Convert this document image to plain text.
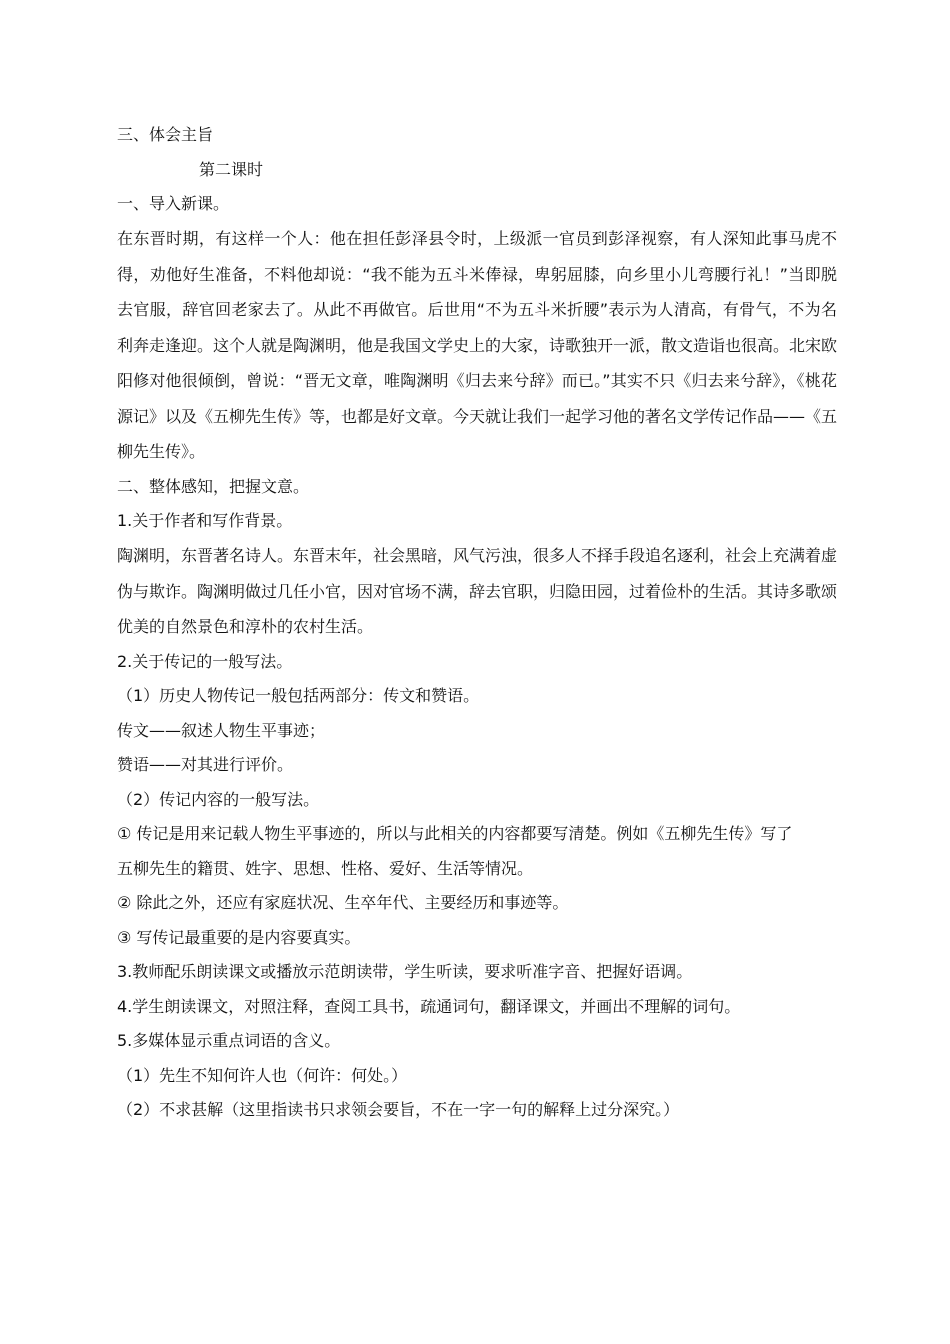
三、体会主旨

第二课时

一、导入新课。

在东晋时期，有这样一个人：他在担任彭泽县令时，上级派一官员到彭泽视察，有人深知此事马虎不得，劝他好生准备，不料他却说：“我不能为五斗米俸禄，卑躬屈膝，向乡里小儿弯腰行礼！”当即脱去官服，辞官回老家去了。从此不再做官。后世用“不为五斗米折腰”表示为人清高，有骨气，不为名利奔走逢迎。这个人就是陶渊明，他是我国文学史上的大家，诗歌独开一派，散文造诣也很高。北宋欧阳修对他很倾倒，曾说：“晋无文章，唯陶渊明《归去来兮辞》而已。”其实不只《归去来兮辞》，《桃花源记》以及《五柳先生传》等，也都是好文章。今天就让我们一起学习他的著名文学传记作品——《五柳先生传》。

二、整体感知，把握文意。

1.关于作者和写作背景。

陶渊明，东晋著名诗人。东晋末年，社会黑暗，风气污浊，很多人不择手段追名逐利，社会上充满着虚伪与欺诈。陶渊明做过几任小官，因对官场不满，辞去官职，归隐田园，过着俭朴的生活。其诗多歌颂优美的自然景色和淳朴的农村生活。

2.关于传记的一般写法。

（1）历史人物传记一般包括两部分：传文和赞语。

传文——叙述人物生平事迹；

赞语——对其进行评价。

（2）传记内容的一般写法。

① 传记是用来记载人物生平事迹的，所以与此相关的内容都要写清楚。例如《五柳先生传》写了

五柳先生的籍贯、姓字、思想、性格、爱好、生活等情况。

② 除此之外，还应有家庭状况、生卒年代、主要经历和事迹等。

③ 写传记最重要的是内容要真实。

3.教师配乐朗读课文或播放示范朗读带，学生听读，要求听准字音、把握好语调。

4.学生朗读课文，对照注释，查阅工具书，疏通词句，翻译课文，并画出不理解的词句。

5.多媒体显示重点词语的含义。

（1）先生不知何许人也（何许：何处。）

（2）不求甚解（这里指读书只求领会要旨，不在一字一句的解释上过分深究。）
